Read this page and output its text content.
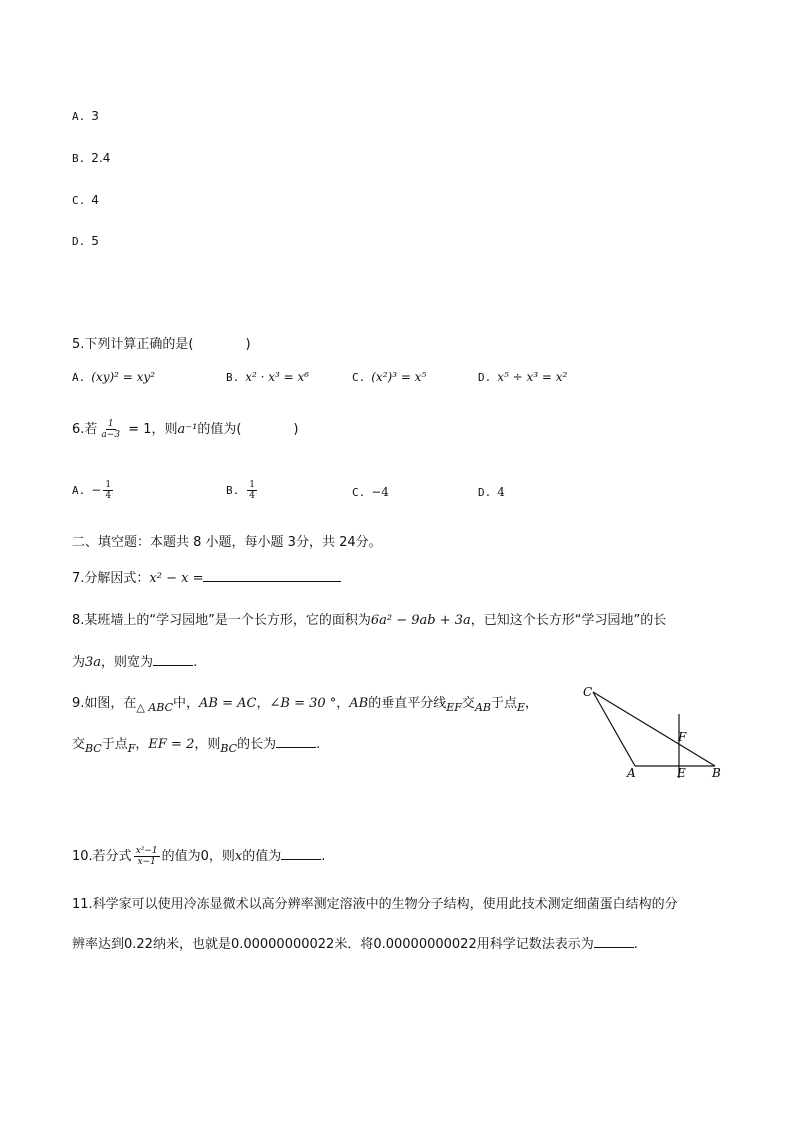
A. 3
B. 2.4
C. 4
D. 5
5.下列计算正确的是(　　　　)
A. (xy)² = xy²	B. x² · x³ = x⁶	C. (x²)³ = x⁵	D. x⁵ ÷ x³ = x²
6.若 $\frac{1}{a-3} = 1$，则a⁻¹的值为(　　　　)
A. − $\frac{1}{4}$	B. $\frac{1}{4}$	C. −4	D. 4
二、填空题：本题共 8 小题，每小题 3分，共 24分。
7.分解因式：x² − x =
8.某班墙上的“学习园地”是一个长方形，它的面积为6a² − 9ab + 3a，已知这个长方形“学习园地”的长
为3a，则宽为	.
9.如图，在$_{\triangle ABC}$中，AB = AC，∠B = 30 °，AB的垂直平分线$_{EF}$交$_{AB}$于点$_E$，
交$_{BC}$于点$_F$，EF = 2，则$_{BC}$的长为	.
C
F
A	E B
10.若分式 $\frac{\text{x²−1}}{x-1}$ 的值为0，则x的值为	.
11.科学家可以使用冷冻显微术以高分辨率测定溶液中的生物分子结构，使用此技术测定细菌蛋白结构的分
辨率达到0.22纳米，也就是0.00000000022米．将0.00000000022用科学记数法表示为	.
